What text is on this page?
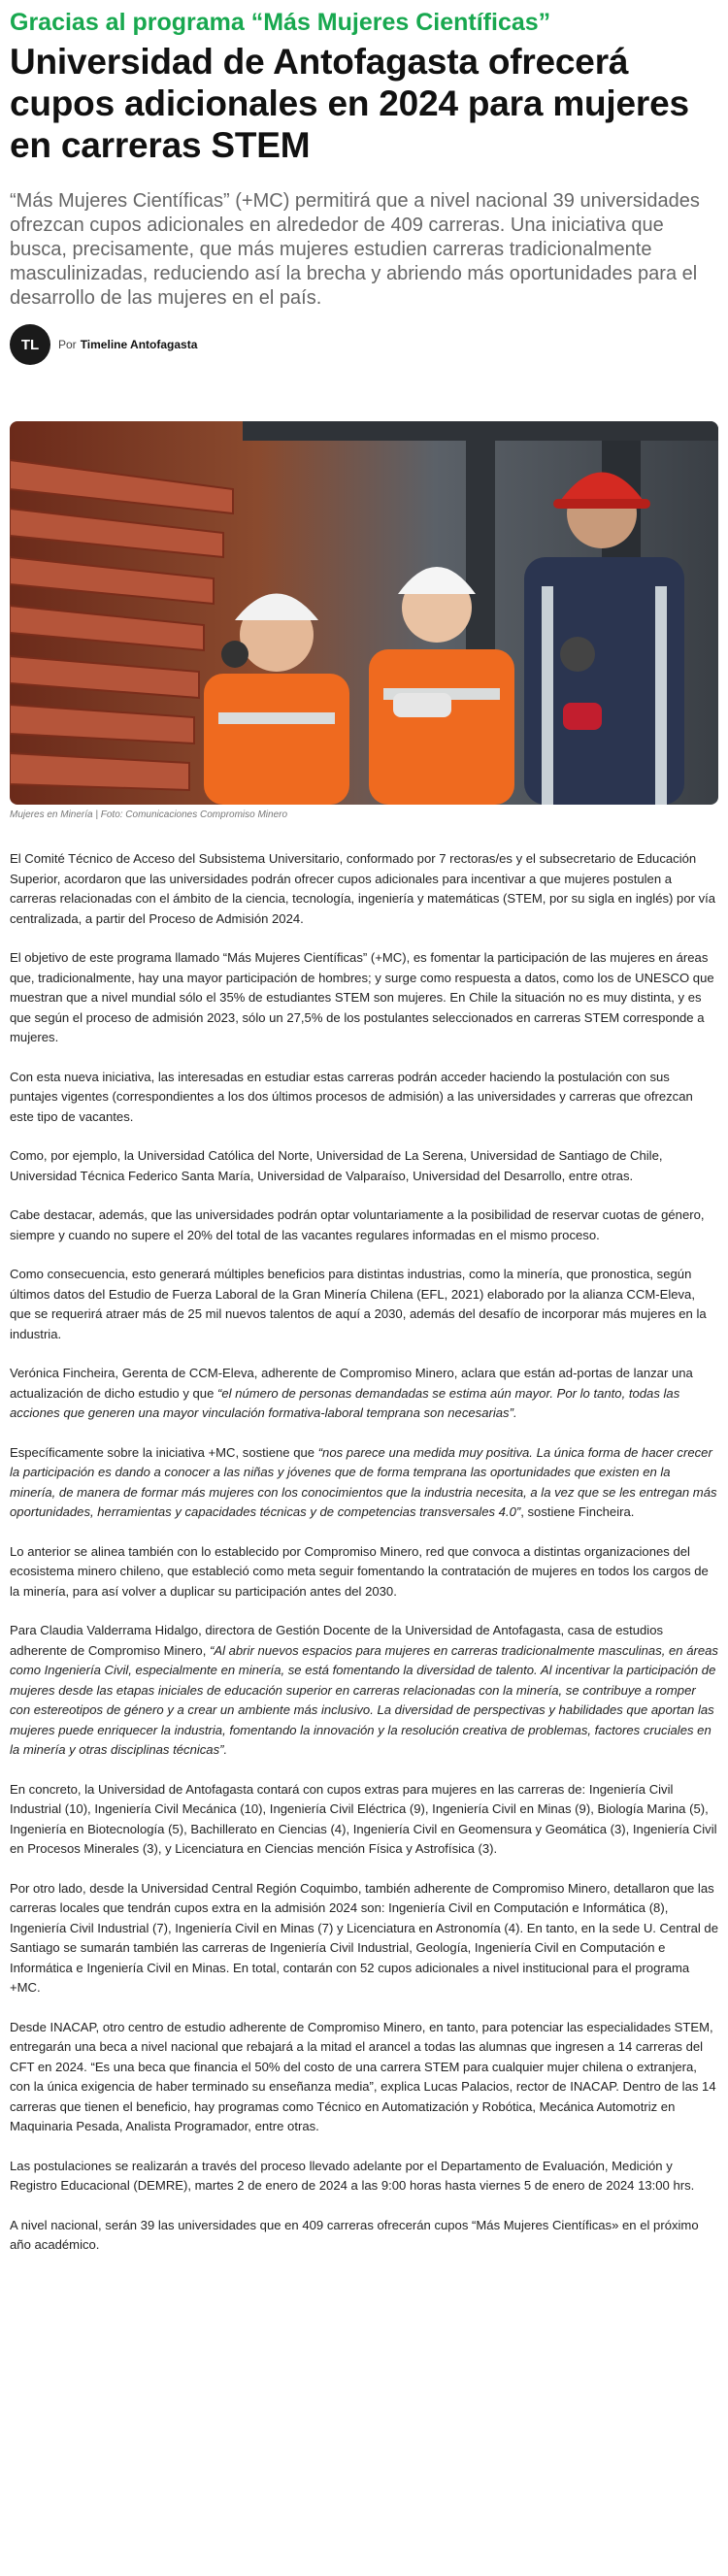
Gracias al programa “Más Mujeres Científicas”
Universidad de Antofagasta ofrecerá cupos adicionales en 2024 para mujeres en carreras STEM

“Más Mujeres Científicas” (+MC) permitirá que a nivel nacional 39 universidades ofrezcan cupos adicionales en alrededor de 409 carreras. Una iniciativa que busca, precisamente, que más mujeres estudien carreras tradicionalmente masculinizadas, reduciendo así la brecha y abriendo más oportunidades para el desarrollo de las mujeres en el país.

TL Por Timeline Antofagasta
Mujeres en Minería | Foto: Comunicaciones Compromiso Minero

El Comité Técnico de Acceso del Subsistema Universitario, conformado por 7 rectoras/es y el subsecretario de Educación Superior, acordaron que las universidades podrán ofrecer cupos adicionales para incentivar a que mujeres postulen a carreras relacionadas con el ámbito de la ciencia, tecnología, ingeniería y matemáticas (STEM, por su sigla en inglés) por vía centralizada, a partir del Proceso de Admisión 2024.

El objetivo de este programa llamado “Más Mujeres Científicas” (+MC), es fomentar la participación de las mujeres en áreas que, tradicionalmente, hay una mayor participación de hombres; y surge como respuesta a datos, como los de UNESCO que muestran que a nivel mundial sólo el 35% de estudiantes STEM son mujeres. En Chile la situación no es muy distinta, y es que según el proceso de admisión 2023, sólo un 27,5% de los postulantes seleccionados en carreras STEM corresponde a mujeres.

Con esta nueva iniciativa, las interesadas en estudiar estas carreras podrán acceder haciendo la postulación con sus puntajes vigentes (correspondientes a los dos últimos procesos de admisión) a las universidades y carreras que ofrezcan este tipo de vacantes.

Como, por ejemplo, la Universidad Católica del Norte, Universidad de La Serena, Universidad de Santiago de Chile, Universidad Técnica Federico Santa María, Universidad de Valparaíso, Universidad del Desarrollo, entre otras.

Cabe destacar, además, que las universidades podrán optar voluntariamente a la posibilidad de reservar cuotas de género, siempre y cuando no supere el 20% del total de las vacantes regulares informadas en el mismo proceso.

Como consecuencia, esto generará múltiples beneficios para distintas industrias, como la minería, que pronostica, según últimos datos del Estudio de Fuerza Laboral de la Gran Minería Chilena (EFL, 2021) elaborado por la alianza CCM-Eleva, que se requerirá atraer más de 25 mil nuevos talentos de aquí a 2030, además del desafío de incorporar más mujeres en la industria.

Verónica Fincheira, Gerenta de CCM-Eleva, adherente de Compromiso Minero, aclara que están ad-portas de lanzar una actualización de dicho estudio y que “el número de personas demandadas se estima aún mayor. Por lo tanto, todas las acciones que generen una mayor vinculación formativa-laboral temprana son necesarias”.

Específicamente sobre la iniciativa +MC, sostiene que “nos parece una medida muy positiva. La única forma de hacer crecer la participación es dando a conocer a las niñas y jóvenes que de forma temprana las oportunidades que existen en la minería, de manera de formar más mujeres con los conocimientos que la industria necesita, a la vez que se les entregan más oportunidades, herramientas y capacidades técnicas y de competencias transversales 4.0”, sostiene Fincheira.

Lo anterior se alinea también con lo establecido por Compromiso Minero, red que convoca a distintas organizaciones del ecosistema minero chileno, que estableció como meta seguir fomentando la contratación de mujeres en todos los cargos de la minería, para así volver a duplicar su participación antes del 2030.

Para Claudia Valderrama Hidalgo, directora de Gestión Docente de la Universidad de Antofagasta, casa de estudios adherente de Compromiso Minero, “Al abrir nuevos espacios para mujeres en carreras tradicionalmente masculinas, en áreas como Ingeniería Civil, especialmente en minería, se está fomentando la diversidad de talento. Al incentivar la participación de mujeres desde las etapas iniciales de educación superior en carreras relacionadas con la minería, se contribuye a romper con estereotipos de género y a crear un ambiente más inclusivo. La diversidad de perspectivas y habilidades que aportan las mujeres puede enriquecer la industria, fomentando la innovación y la resolución creativa de problemas, factores cruciales en la minería y otras disciplinas técnicas”.

En concreto, la Universidad de Antofagasta contará con cupos extras para mujeres en las carreras de: Ingeniería Civil Industrial (10), Ingeniería Civil Mecánica (10), Ingeniería Civil Eléctrica (9), Ingeniería Civil en Minas (9), Biología Marina (5), Ingeniería en Biotecnología (5), Bachillerato en Ciencias (4), Ingeniería Civil en Geomensura y Geomática (3), Ingeniería Civil en Procesos Minerales (3), y Licenciatura en Ciencias mención Física y Astrofísica (3).

Por otro lado, desde la Universidad Central Región Coquimbo, también adherente de Compromiso Minero, detallaron que las carreras locales que tendrán cupos extra en la admisión 2024 son: Ingeniería Civil en Computación e Informática (8), Ingeniería Civil Industrial (7), Ingeniería Civil en Minas (7) y Licenciatura en Astronomía (4). En tanto, en la sede U. Central de Santiago se sumarán también las carreras de Ingeniería Civil Industrial, Geología, Ingeniería Civil en Computación e Informática e Ingeniería Civil en Minas. En total, contarán con 52 cupos adicionales a nivel institucional para el programa +MC.

Desde INACAP, otro centro de estudio adherente de Compromiso Minero, en tanto, para potenciar las especialidades STEM, entregarán una beca a nivel nacional que rebajará a la mitad el arancel a todas las alumnas que ingresen a 14 carreras del CFT en 2024. “Es una beca que financia el 50% del costo de una carrera STEM para cualquier mujer chilena o extranjera, con la única exigencia de haber terminado su enseñanza media”, explica Lucas Palacios, rector de INACAP. Dentro de las 14 carreras que tienen el beneficio, hay programas como Técnico en Automatización y Robótica, Mecánica Automotriz en Maquinaria Pesada, Analista Programador, entre otras.

Las postulaciones se realizarán a través del proceso llevado adelante por el Departamento de Evaluación, Medición y Registro Educacional (DEMRE), martes 2 de enero de 2024 a las 9:00 horas hasta viernes 5 de enero de 2024 13:00 hrs.

A nivel nacional, serán 39 las universidades que en 409 carreras ofrecerán cupos “Más Mujeres Científicas» en el próximo año académico.
